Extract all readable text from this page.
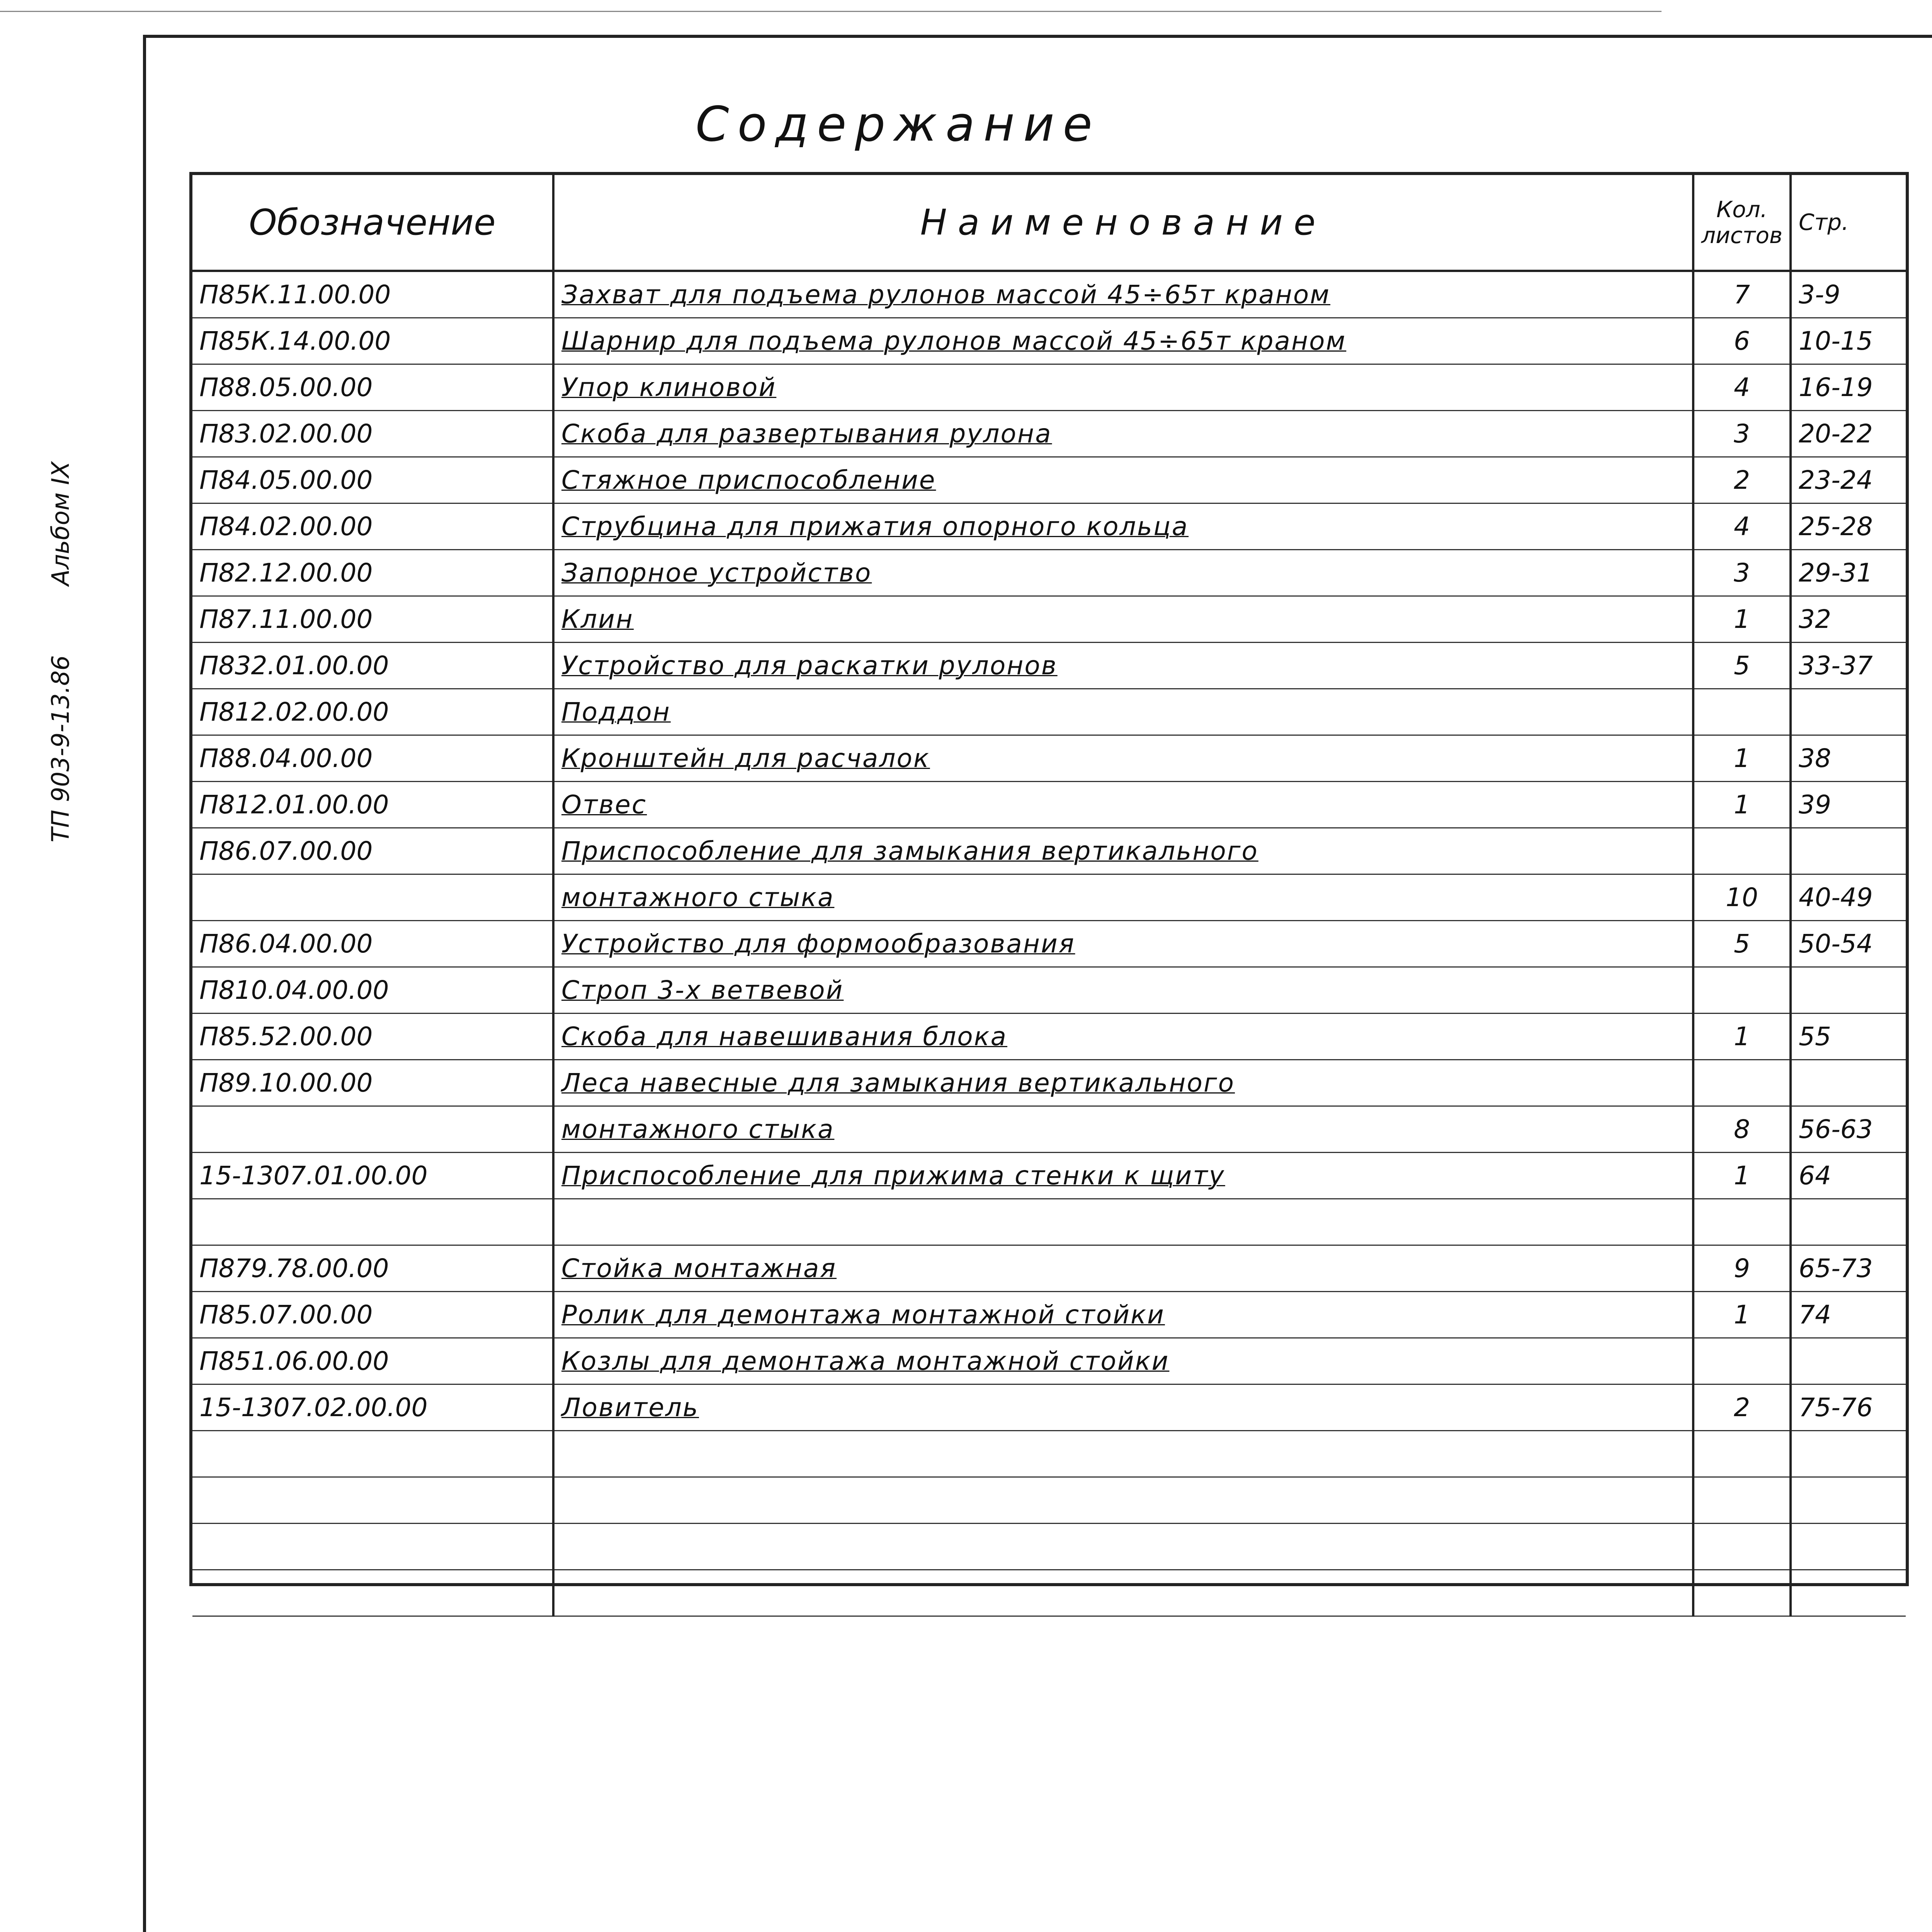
ТП 903-9-13.86 Альбом IX
Содержание
Обозначение	Наименование	Кол. листов	Стр.
П85К.11.00.00	Захват для подъема рулонов массой 45÷65т краном	7	3-9
П85К.14.00.00	Шарнир для подъема рулонов массой 45÷65т краном	6	10-15
П88.05.00.00	Упор клиновой	4	16-19
П83.02.00.00	Скоба для развертывания рулона	3	20-22
П84.05.00.00	Стяжное приспособление	2	23-24
П84.02.00.00	Струбцина для прижатия опорного кольца	4	25-28
П82.12.00.00	Запорное устройство	3	29-31
П87.11.00.00	Клин	1	32
П832.01.00.00	Устройство для раскатки рулонов	5	33-37
П812.02.00.00	Поддон		
П88.04.00.00	Кронштейн для расчалок	1	38
П812.01.00.00	Отвес	1	39
П86.07.00.00	Приспособление для замыкания вертикального		
	монтажного стыка	10	40-49
П86.04.00.00	Устройство для формообразования	5	50-54
П810.04.00.00	Строп 3-х ветвевой		
П85.52.00.00	Скоба для навешивания блока	1	55
П89.10.00.00	Леса навесные для замыкания вертикального		
	монтажного стыка	8	56-63
15-1307.01.00.00	Приспособление для прижима стенки к щиту	1	64

П879.78.00.00	Стойка монтажная	9	65-73
П85.07.00.00	Ролик для демонтажа монтажной стойки	1	74
П851.06.00.00	Козлы для демонтажа монтажной стойки		
15-1307.02.00.00	Ловитель	2	75-76
